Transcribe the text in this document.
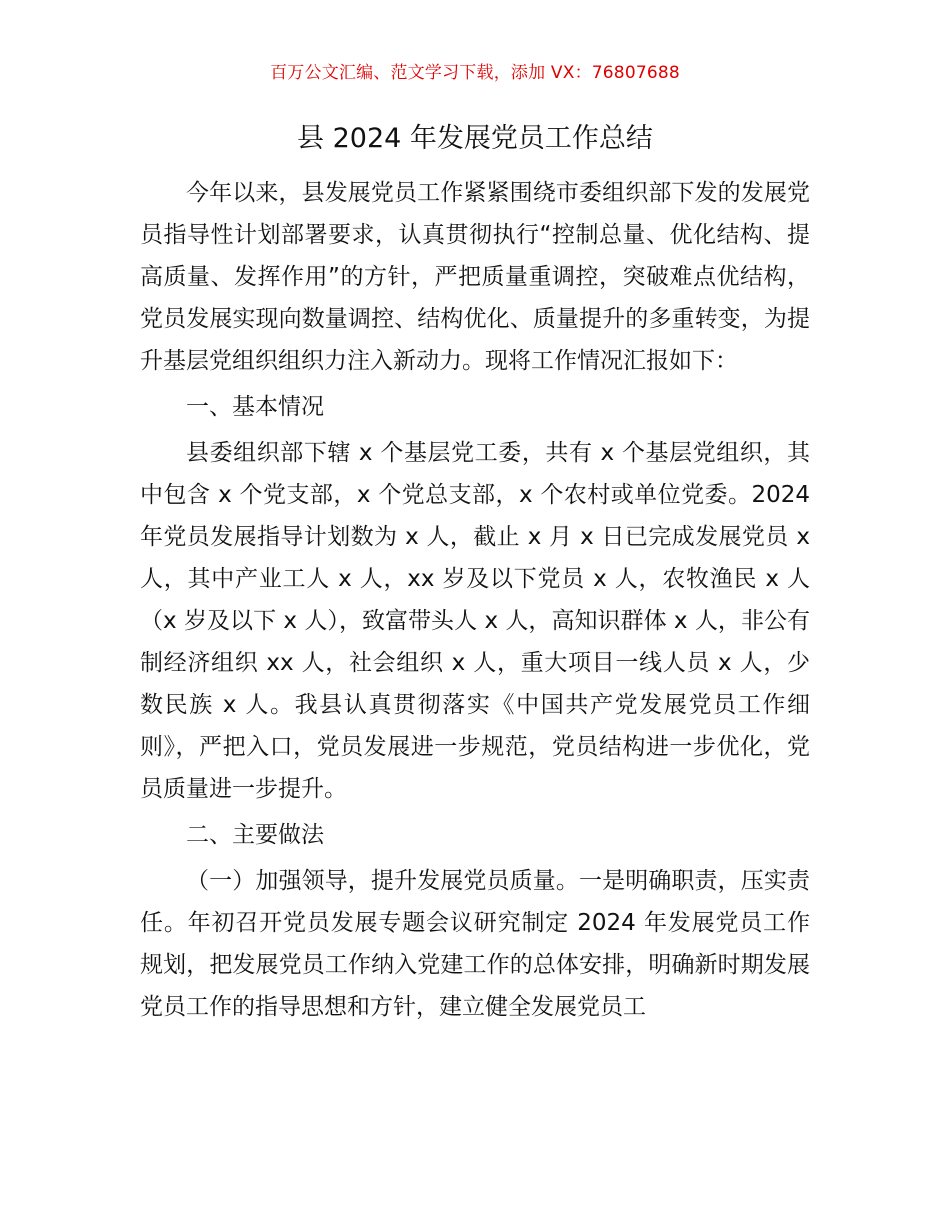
百万公文汇编、范文学习下载，添加 VX：76807688
县 2024 年发展党员工作总结

今年以来，县发展党员工作紧紧围绕市委组织部下发的发展党员指导性计划部署要求，认真贯彻执行“控制总量、优化结构、提高质量、发挥作用”的方针，严把质量重调控，突破难点优结构，党员发展实现向数量调控、结构优化、质量提升的多重转变，为提升基层党组织组织力注入新动力。现将工作情况汇报如下：

一、基本情况

县委组织部下辖 x 个基层党工委，共有 x 个基层党组织，其中包含 x 个党支部，x 个党总支部，x 个农村或单位党委。2024 年党员发展指导计划数为 x 人，截止 x 月 x 日已完成发展党员 x 人，其中产业工人 x 人，xx 岁及以下党员 x 人，农牧渔民 x 人（x 岁及以下 x 人），致富带头人 x 人，高知识群体 x 人，非公有制经济组织 xx 人，社会组织 x 人，重大项目一线人员 x 人，少数民族 x 人。我县认真贯彻落实《中国共产党发展党员工作细则》，严把入口，党员发展进一步规范，党员结构进一步优化，党员质量进一步提升。

二、主要做法

（一）加强领导，提升发展党员质量。一是明确职责，压实责任。年初召开党员发展专题会议研究制定 2024 年发展党员工作规划，把发展党员工作纳入党建工作的总体安排，明确新时期发展党员工作的指导思想和方针，建立健全发展党员工
